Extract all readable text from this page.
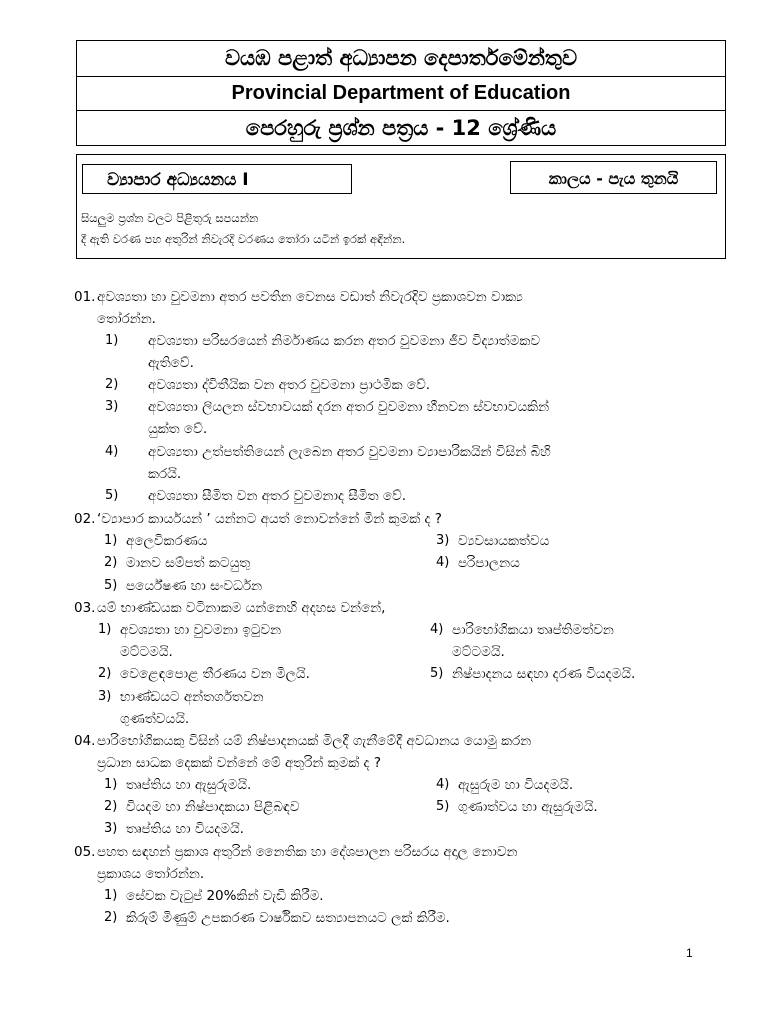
වයඹ පළාත් අධ්‍යාපන දෙපාර්තමේන්තුව
Provincial Department of Education
පෙරහුරු ප්‍රශ්න පත්‍රය - 12 ශ්‍රේණිය
ව්‍යාපාර අධ්‍යයනය I	කාලය - පැය තුනයි
සියලුම ප්‍රශ්න වලට පිළිතුරු සපයන්න
දී ඇති වරණ පහ අතුරින් නිවැරදි වරණය තෝරා යටින් ඉරක් අඳින්න.
01. අවශ්‍යතා හා වුවමනා අතර පවතින වෙනස වඩාත් නිවැරදිව ප්‍රකාශවන වාක්‍ය
තෝරන්න.
1) අවශ්‍යතා පරිසරයෙන් නිර්මාණය කරන අතර වුවමනා ජීව විද්‍යාත්මකව
ඇතිවේ.
2) අවශ්‍යතා ද්විතීයික වන අතර වුවමනා ප්‍රාථමික වේ.
3) අවශ්‍යතා ලියලන ස්වභාවයක් දරන අතර වුවමනා හීනවන ස්වභාවයකින්
යුක්ත වේ.
4) අවශ්‍යතා උත්පත්තියෙන් ලැබෙන අතර වුවමනා ව්‍යාපාරිකයින් විසින් බිහි
කරයි.
5) අවශ්‍යතා සීමිත වන අතර වුවමනාද සීමිත වේ.
02. ‘ව්‍යාපාර කාර්යයන් ’ යන්නට අයත් නොවන්නේ මින් කුමක් ද ?
1) අලෙවිකරණය	3) ව්‍යවසායකත්වය
2) මානව සම්පත් කටයුතු	4) පරිපාලනය
5) පර්යේෂණ හා සංවර්ධන
03. යම් භාණ්ඩයක වටිනාකම යන්නෙහි අදහස වන්නේ,
1) අවශ්‍යතා හා වුවමනා ඉටුවන
මට්ටමයි.
4) පාරිභෝගිකයා තෘප්තිමත්වන
මට්ටමයි.
2) වෙළෙඳපොළ තීරණය වන මිලයි.	5) නිෂ්පාදනය සඳහා දරණ වියදමයි.
3) භාණ්ඩයට අන්තර්ගතවන
ගුණත්වයයි.
04. පාරිභෝගිකයකු විසින් යම් නිෂ්පාදනයක් මිලදී ගැනීමේදී අවධානය යොමු කරන
ප්‍රධාන සාධක දෙකක් වන්නේ මේ අතුරින් කුමක් ද ?
1) තෘප්තිය හා ඇසුරුමයි.	4) ඇසුරුම හා වියදමයි.
2) වියදම හා නිෂ්පාදකයා පිළිබඳව	5) ගුණාත්වය හා ඇසුරුමයි.
3) තෘප්තිය හා වියදමයි.
05. පහත සඳහන් ප්‍රකාශ අතුරින් නෛතික හා දේශපාලන පරිසරය අදාල නොවන
ප්‍රකාශය තෝරන්න.
1) සේවක වැටුප් 20%කින් වැඩි කිරීම.
2) කිරුම් මිණුම් උපකරණ වාර්ෂිකව සත්‍යාපනයට ලක් කිරීම.
1
